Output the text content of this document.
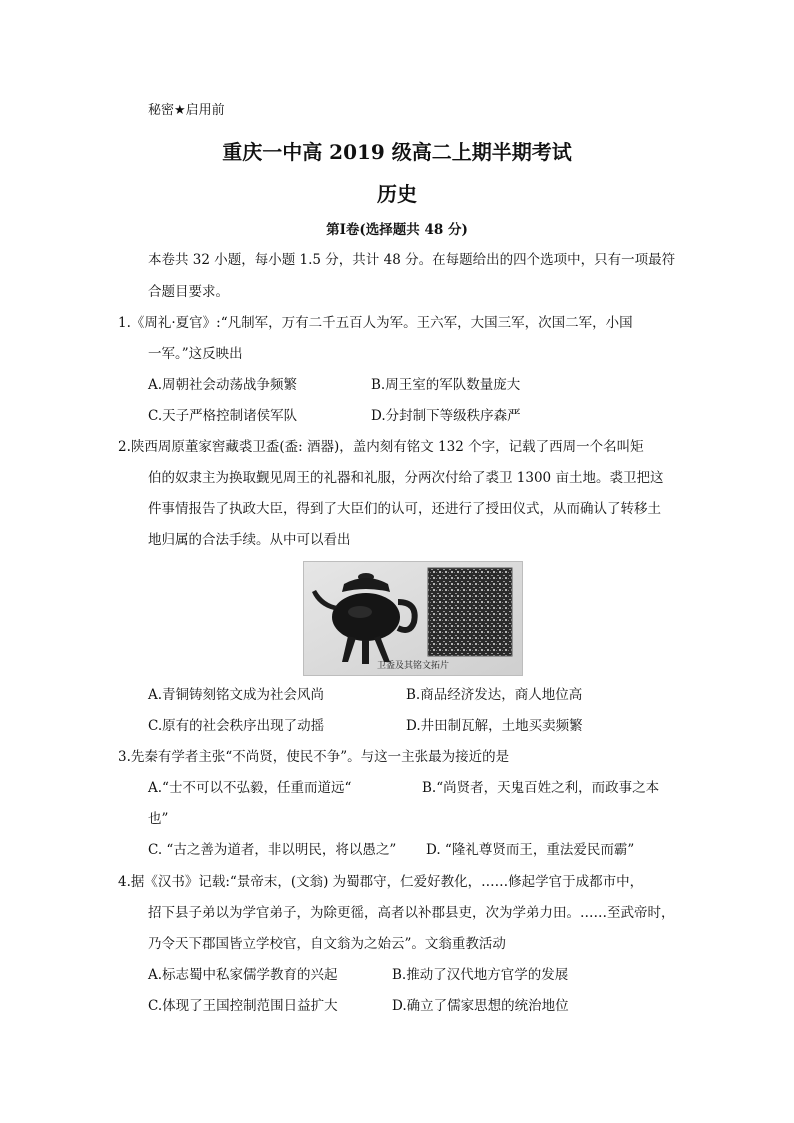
秘密★启用前
重庆一中高 2019 级高二上期半期考试
历史
第Ⅰ卷(选择题共 48 分)
本卷共 32 小题，每小题 1.5 分，共计 48 分。在每题给出的四个选项中，只有一项最符
合题目要求。
1.《周礼·夏官》:“凡制军，万有二千五百人为军。王六军，大国三军，次国二军，小国
一军。”这反映出
A.周朝社会动荡战争频繁	B.周王室的军队数量庞大
C.天子严格控制诸侯军队	D.分封制下等级秩序森严
2.陕西周原董家窖藏裘卫盉(盉: 酒器)，盖内刻有铭文 132 个字，记载了西周一个名叫矩
伯的奴隶主为换取觐见周王的礼器和礼服，分两次付给了裘卫 1300 亩土地。裘卫把这
件事情报告了执政大臣，得到了大臣们的认可，还进行了授田仪式，从而确认了转移土
地归属的合法手续。从中可以看出
卫盉及其铭文拓片
A.青铜铸刻铭文成为社会风尚	B.商品经济发达，商人地位高
C.原有的社会秩序出现了动摇	D.井田制瓦解，土地买卖频繁
3.先秦有学者主张“不尚贤，使民不争”。与这一主张最为接近的是
A.“士不可以不弘毅，任重而道远“	B.“尚贤者，天鬼百姓之利，而政事之本
也”
C. “古之善为道者，非以明民，将以愚之” D. “隆礼尊贤而王，重法爱民而霸”
4.据《汉书》记载:“景帝末，(文翁) 为蜀郡守，仁爱好教化，……修起学官于成都市中，
招下县子弟以为学官弟子，为除更徭，高者以补郡县吏，次为学弟力田。……至武帝时，
乃令天下郡国皆立学校官，自文翁为之始云”。文翁重教活动
A.标志蜀中私家儒学教育的兴起	B.推动了汉代地方官学的发展
C.体现了王国控制范围日益扩大	D.确立了儒家思想的统治地位
